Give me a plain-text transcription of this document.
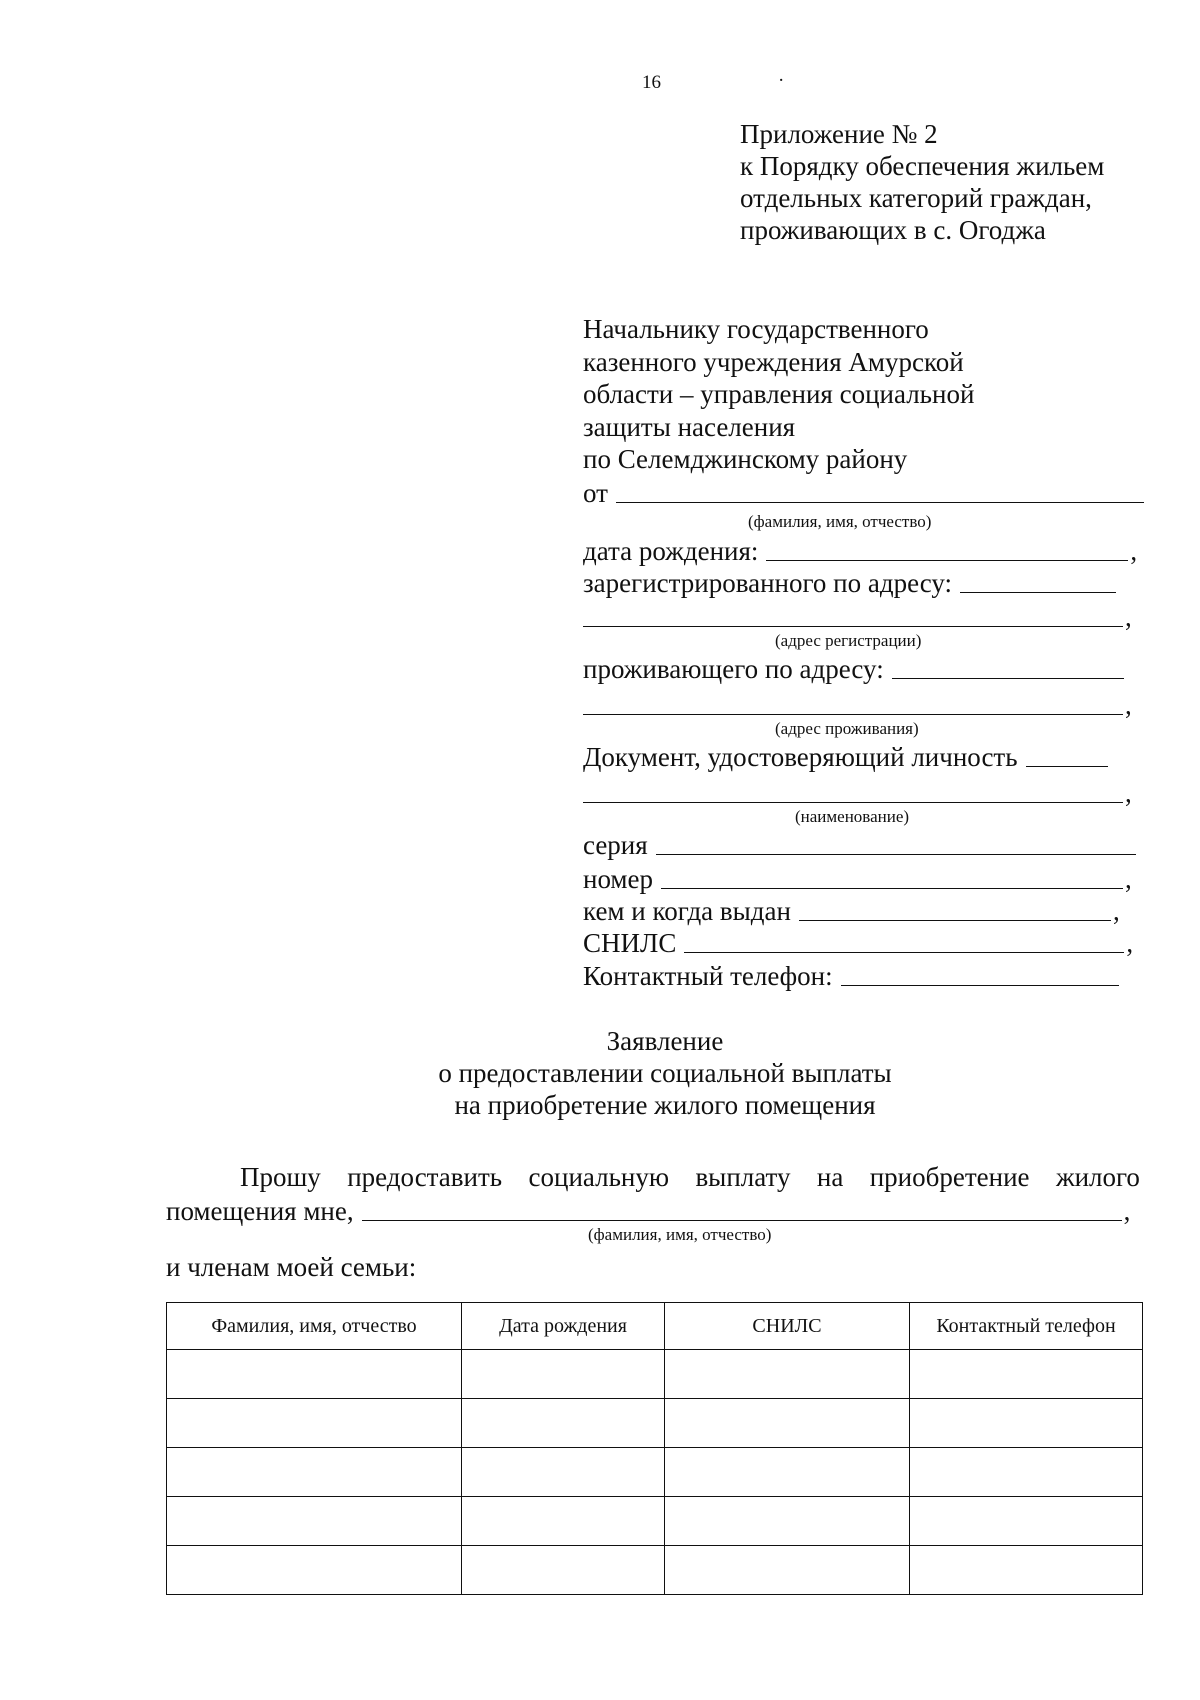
16	·
Приложение № 2
к Порядку обеспечения жильем
отдельных категорий граждан,
проживающих в с. Огоджа
Начальнику государственного
казенного учреждения Амурской
области – управления социальной
защиты населения
по Селемджинскому району
от
(фамилия, имя, отчество)
дата рождения:	,
зарегистрированного по адресу:
,
(адрес регистрации)
проживающего по адресу:
,
(адрес проживания)
Документ, удостоверяющий личность
,
(наименование)
серия
номер	,
кем и когда выдан	,
СНИЛС	,
Контактный телефон:
Заявление
о предоставлении социальной выплаты
на приобретение жилого помещения
Прошу предоставить социальную выплату на приобретение жилого
помещения мне,	,
(фамилия, имя, отчество)
и членам моей семьи:
Фамилия, имя, отчество	Дата рождения	СНИЛС	Контактный телефон
